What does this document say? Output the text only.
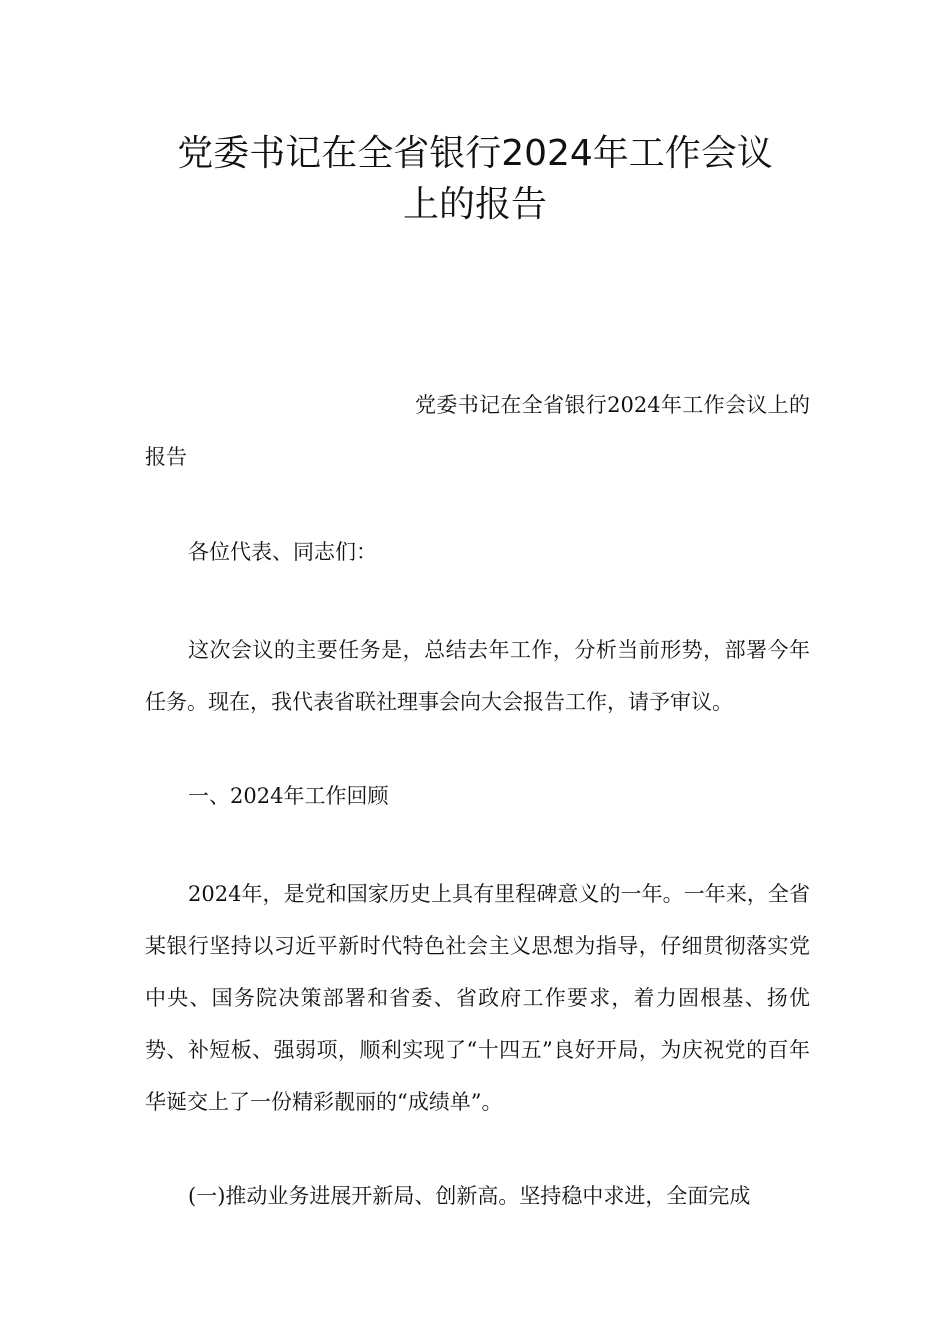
党委书记在全省银行2024年工作会议
上的报告

党委书记在全省银行2024年工作会议上的报告

各位代表、同志们：

这次会议的主要任务是，总结去年工作，分析当前形势，部署今年任务。现在，我代表省联社理事会向大会报告工作，请予审议。

一、2024年工作回顾

2024年，是党和国家历史上具有里程碑意义的一年。一年来，全省某银行坚持以习近平新时代特色社会主义思想为指导，仔细贯彻落实党中央、国务院决策部署和省委、省政府工作要求，着力固根基、扬优势、补短板、强弱项，顺利实现了“十四五”良好开局，为庆祝党的百年华诞交上了一份精彩靓丽的“成绩单”。

(一)推动业务进展开新局、创新高。坚持稳中求进，全面完成
